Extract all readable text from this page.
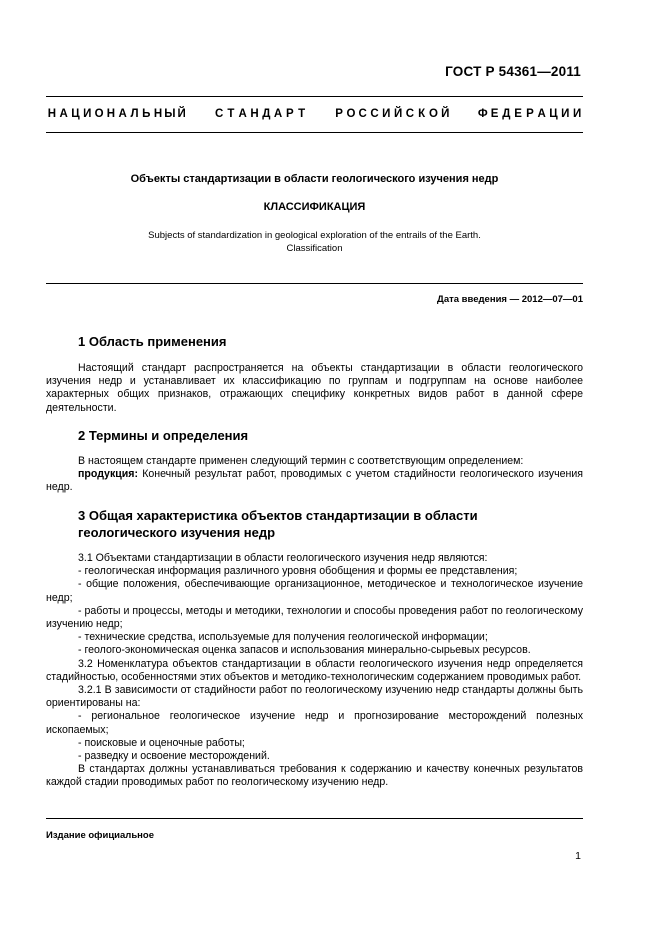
ГОСТ Р 54361—2011
Н А Ц И О Н А Л Ь Н Ы Й	С Т А Н Д А Р Т	Р О С С И Й С К О Й Ф Е Д Е Р А Ц И И
Объекты стандартизации в области геологического изучения недр
КЛАССИФИКАЦИЯ
Subjects of standardization in geological exploration of the entrails of the Earth.
Classification
Дата введения — 2012—07—01
1 Область применения

Настоящий стандарт распространяется на объекты стандартизации в области геологического изучения недр и устанавливает их классификацию по группам и подгруппам на основе наиболее характерных общих признаков, отражающих специфику конкретных видов работ в данной сфере деятельности.

2 Термины и определения

В настоящем стандарте применен следующий термин с соответствующим определением:

продукция: Конечный результат работ, проводимых с учетом стадийности геологического изучения недр.

3 Общая характеристика объектов стандартизации в области
геологического изучения недр

3.1 Объектами стандартизации в области геологического изучения недр являются:

- геологическая информация различного уровня обобщения и формы ее представления;

- общие положения, обеспечивающие организационное, методическое и технологическое изучение недр;

- работы и процессы, методы и методики, технологии и способы проведения работ по геологическому изучению недр;

- технические средства, используемые для получения геологической информации;

- геолого-экономическая оценка запасов и использования минерально-сырьевых ресурсов.

3.2 Номенклатура объектов стандартизации в области геологического изучения недр определяется стадийностью, особенностями этих объектов и методико-технологическим содержанием проводимых работ.

3.2.1 В зависимости от стадийности работ по геологическому изучению недр стандарты должны быть ориентированы на:

- региональное геологическое изучение недр и прогнозирование месторождений полезных ископаемых;

- поисковые и оценочные работы;

- разведку и освоение месторождений.

В стандартах должны устанавливаться требования к содержанию и качеству конечных результатов каждой стадии проводимых работ по геологическому изучению недр.

Издание официальное
1
